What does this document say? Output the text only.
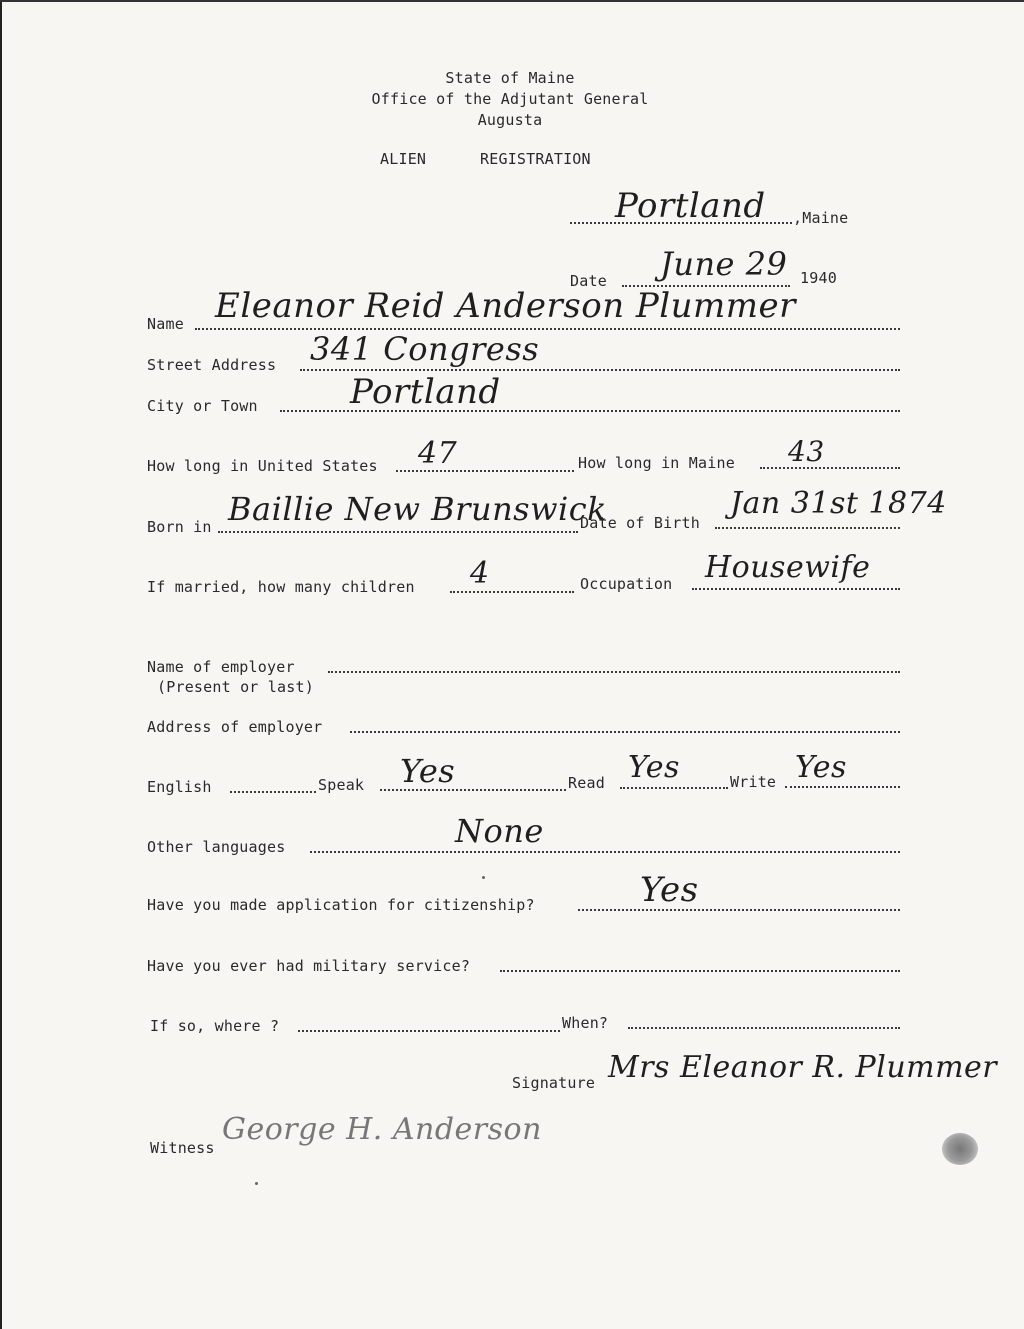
State of Maine
Office of the Adjutant General
Augusta
ALIEN	REGISTRATION
Portland ,Maine
Date June 29 1940
Name Eleanor Reid Anderson Plummer
Street Address 341 Congress
City or Town	Portland
How long in United States 47	How long in Maine 43
Born in Baillie New Brunswick
Date of Birth
Jan 31st 1874
If married, how many children 4	Occupation Housewife
Name of employer
(Present or last)
Address of employer
English	Speak Yes	Read Yes	Write Yes
Other languages	None
Have you made application for citizenship?	Yes
Have you ever had military service?
If so, where ?	When?
Signature Mrs Eleanor R. Plummer
Witness
George H. Anderson
